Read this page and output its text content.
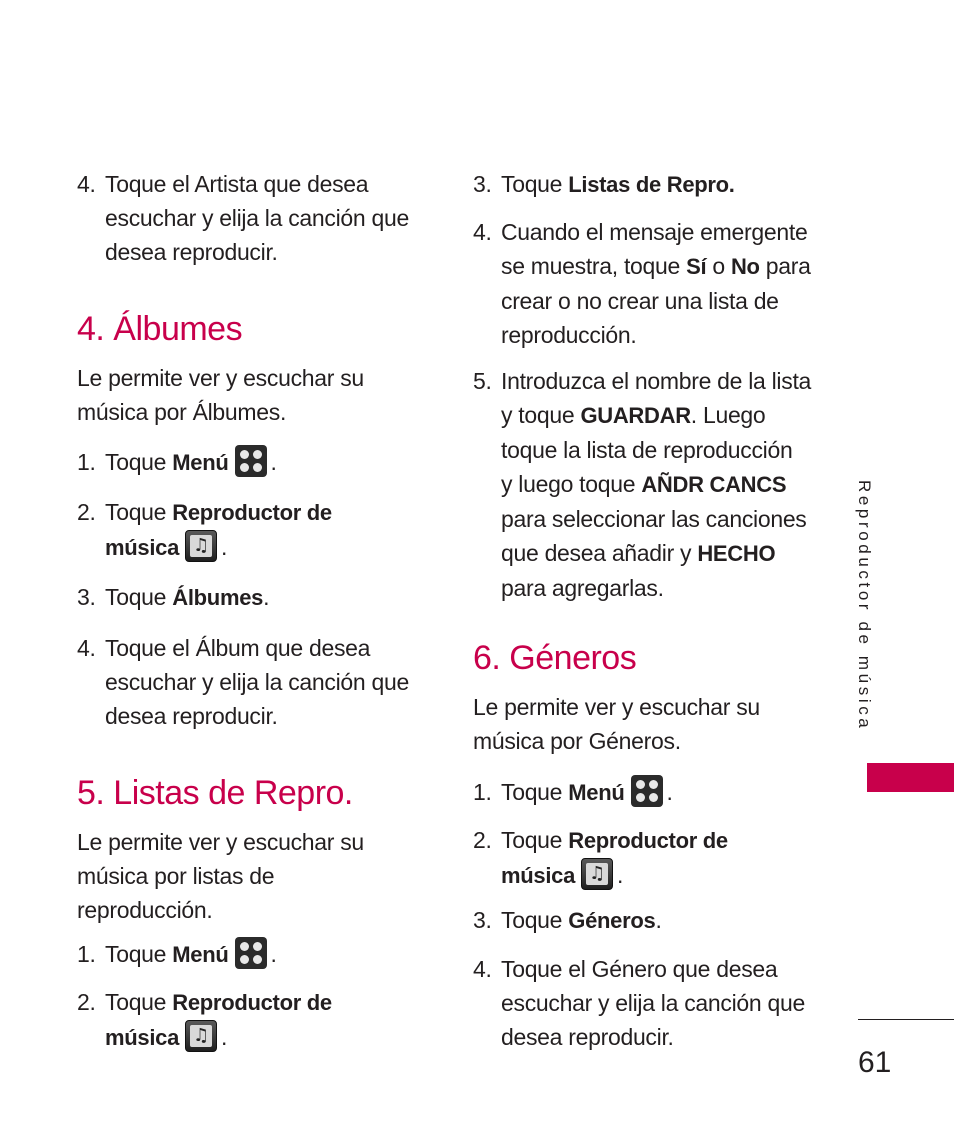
4. Toque el Artista que desea
escuchar y elija la canción que
desea reproducir.
4. Álbumes
Le permite ver y escuchar su
música por Álbumes.
1. Toque Menú .
2. Toque Reproductor de
música ♫ .
3. Toque Álbumes.
4. Toque el Álbum que desea
escuchar y elija la canción que
desea reproducir.
5. Listas de Repro.
Le permite ver y escuchar su
música por listas de
reproducción.
1. Toque Menú .
2. Toque Reproductor de
música ♫ .
3. Toque Listas de Repro.
4. Cuando el mensaje emergente
se muestra, toque Sí o No para
crear o no crear una lista de
reproducción.
5. Introduzca el nombre de la lista
y toque GUARDAR. Luego
toque la lista de reproducción
y luego toque AÑDR CANCS
para seleccionar las canciones
que desea añadir y HECHO
para agregarlas.
6. Géneros
Le permite ver y escuchar su
música por Géneros.
1. Toque Menú .
2. Toque Reproductor de
música ♫ .
3. Toque Géneros.
4. Toque el Género que desea
escuchar y elija la canción que
desea reproducir.
Reproductor de música
61
